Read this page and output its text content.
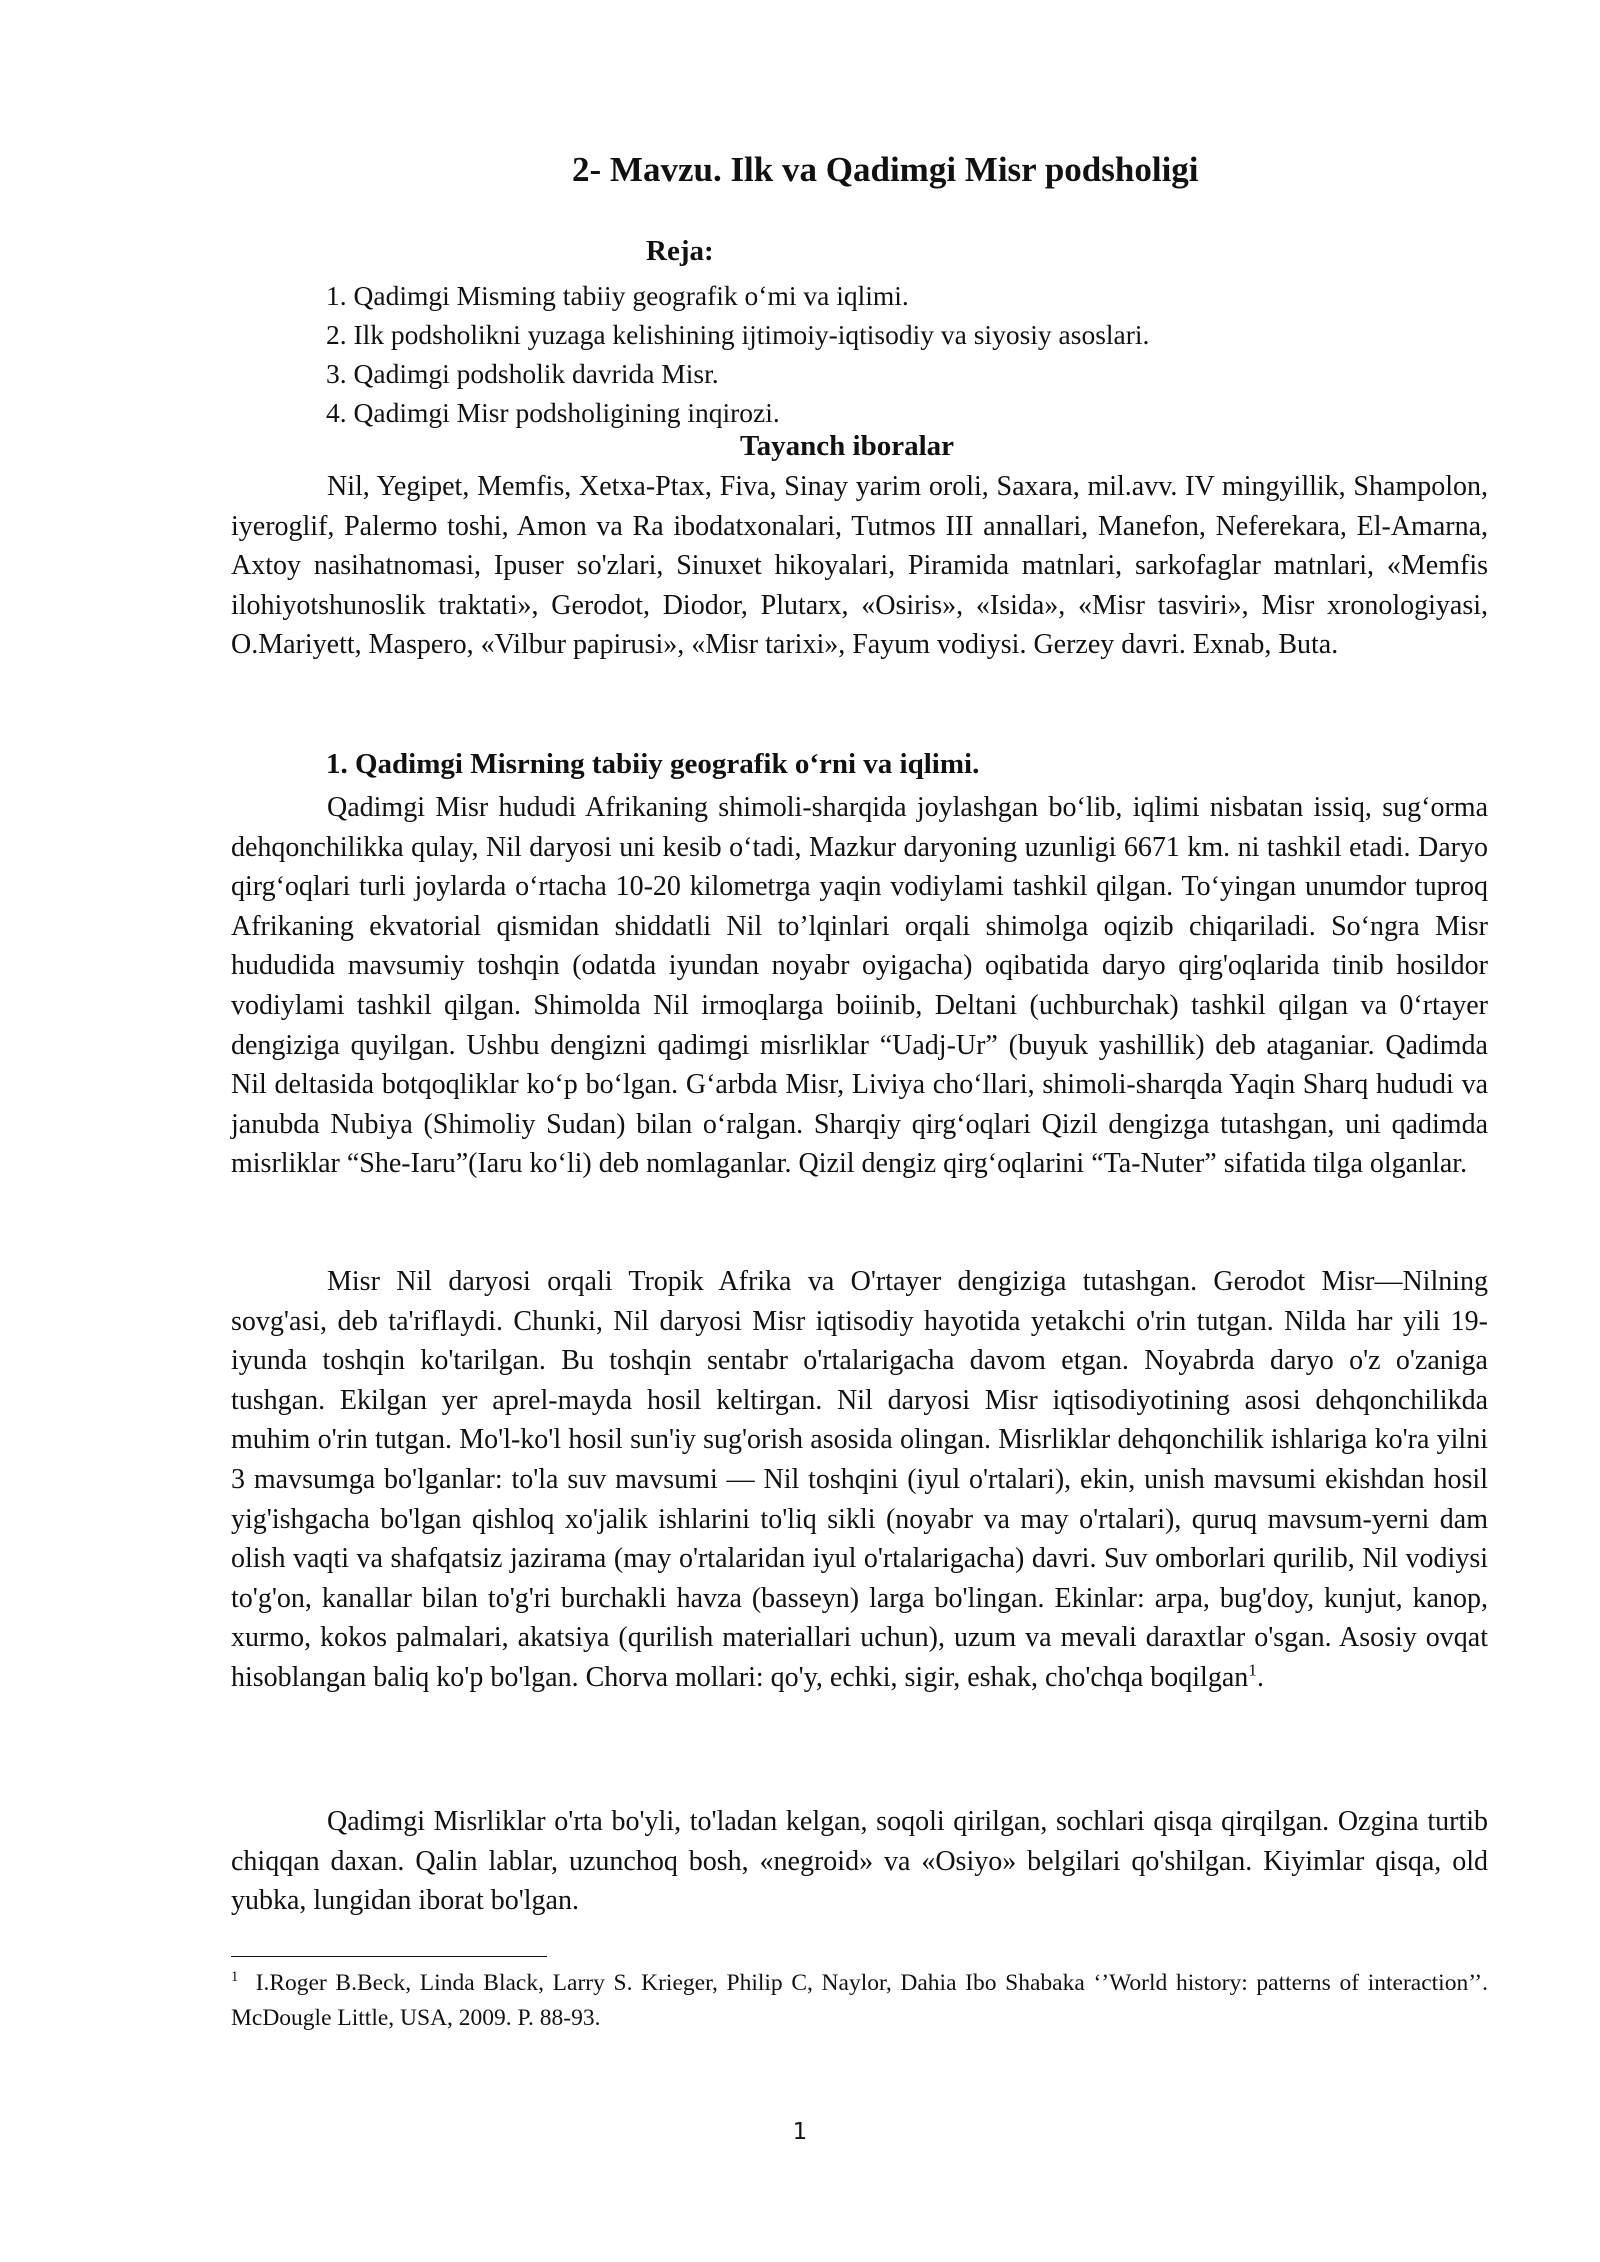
2- Mavzu. Ilk va Qadimgi Misr podsholigi
Reja:
1. Qadimgi Misming tabiiy geografik o‘mi va iqlimi.
2. Ilk podsholikni yuzaga kelishining ijtimoiy-iqtisodiy va siyosiy asoslari.
3. Qadimgi podsholik davrida Misr.
4. Qadimgi Misr podsholigining inqirozi.
Tayanch iboralar

Nil, Yegipet, Memfis, Xetxa-Ptax, Fiva, Sinay yarim oroli, Saxara, mil.avv. IV mingyillik, Shampolon, iyeroglif, Palermo toshi, Amon va Ra ibodatxonalari, Tutmos III annallari, Manefon, Neferekara, El-Amarna, Axtoy nasihatnomasi, Ipuser so'zlari, Sinuxet hikoyalari, Piramida matnlari, sarkofaglar matnlari, «Memfis ilohiyotshunoslik traktati», Gerodot, Diodor, Plutarx, «Osiris», «Isida», «Misr tasviri», Misr xronologiyasi, O.Mariyett, Maspero, «Vilbur papirusi», «Misr tarixi», Fayum vodiysi. Gerzey davri. Exnab, Buta.

1. Qadimgi Misrning tabiiy geografik o‘rni va iqlimi.

Qadimgi Misr hududi Afrikaning shimoli-sharqida joylashgan bo‘lib, iqlimi nisbatan issiq, sug‘orma dehqonchilikka qulay, Nil daryosi uni kesib o‘tadi, Mazkur daryoning uzunligi 6671 km. ni tashkil etadi. Daryo qirg‘oqlari turli joylarda o‘rtacha 10-20 kilometrga yaqin vodiylami tashkil qilgan. To‘yingan unumdor tuproq Afrikaning ekvatorial qismidan shiddatli Nil to’lqinlari orqali shimolga oqizib chiqariladi. So‘ngra Misr hududida mavsumiy toshqin (odatda iyundan noyabr oyigacha) oqibatida daryo qirg'oqlarida tinib hosildor vodiylami tashkil qilgan. Shimolda Nil irmoqlarga boiinib, Deltani (uchburchak) tashkil qilgan va 0‘rtayer dengiziga quyilgan. Ushbu dengizni qadimgi misrliklar “Uadj-Ur” (buyuk yashillik) deb ataganiar. Qadimda Nil deltasida botqoqliklar ko‘p bo‘lgan. G‘arbda Misr, Liviya cho‘llari, shimoli-sharqda Yaqin Sharq hududi va janubda Nubiya (Shimoliy Sudan) bilan o‘ralgan. Sharqiy qirg‘oqlari Qizil dengizga tutashgan, uni qadimda misrliklar “She-Iaru”(Iaru ko‘li) deb nomlaganlar. Qizil dengiz qirg‘oqlarini “Ta-Nuter” sifatida tilga olganlar.

Misr Nil daryosi orqali Tropik Afrika va O'rtayer dengiziga tutashgan. Gerodot Misr—Nilning sovg'asi, deb ta'riflaydi. Chunki, Nil daryosi Misr iqtisodiy hayotida yetakchi o'rin tutgan. Nilda har yili 19-iyunda toshqin ko'tarilgan. Bu toshqin sentabr o'rtalarigacha davom etgan. Noyabrda daryo o'z o'zaniga tushgan. Ekilgan yer aprel-mayda hosil keltirgan. Nil daryosi Misr iqtisodiyotining asosi dehqonchilikda muhim o'rin tutgan. Mo'l-ko'l hosil sun'iy sug'orish asosida olingan. Misrliklar dehqonchilik ishlariga ko'ra yilni 3 mavsumga bo'lganlar: to'la suv mavsumi — Nil toshqini (iyul o'rtalari), ekin, unish mavsumi ekishdan hosil yig'ishgacha bo'lgan qishloq xo'jalik ishlarini to'liq sikli (noyabr va may o'rtalari), quruq mavsum-yerni dam olish vaqti va shafqatsiz jazirama (may o'rtalaridan iyul o'rtalarigacha) davri. Suv omborlari qurilib, Nil vodiysi to'g'on, kanallar bilan to'g'ri burchakli havza (basseyn) larga bo'lingan. Ekinlar: arpa, bug'doy, kunjut, kanop, xurmo, kokos palmalari, akatsiya (qurilish materiallari uchun), uzum va mevali daraxtlar o'sgan. Asosiy ovqat hisoblangan baliq ko'p bo'lgan. Chorva mollari: qo'y, echki, sigir, eshak, cho'chqa boqilgan$^1$.

Qadimgi Misrliklar o'rta bo'yli, to'ladan kelgan, soqoli qirilgan, sochlari qisqa qirqilgan. Ozgina turtib chiqqan daxan. Qalin lablar, uzunchoq bosh, «negroid» va «Osiyo» belgilari qo'shilgan. Kiyimlar qisqa, old yubka, lungidan iborat bo'lgan.

$^1$ I.Roger B.Beck, Linda Black, Larry S. Krieger, Philip C, Naylor, Dahia Ibo Shabaka ‘’World history: patterns of interaction’’. McDougle Little, USA, 2009. P. 88-93.

1
